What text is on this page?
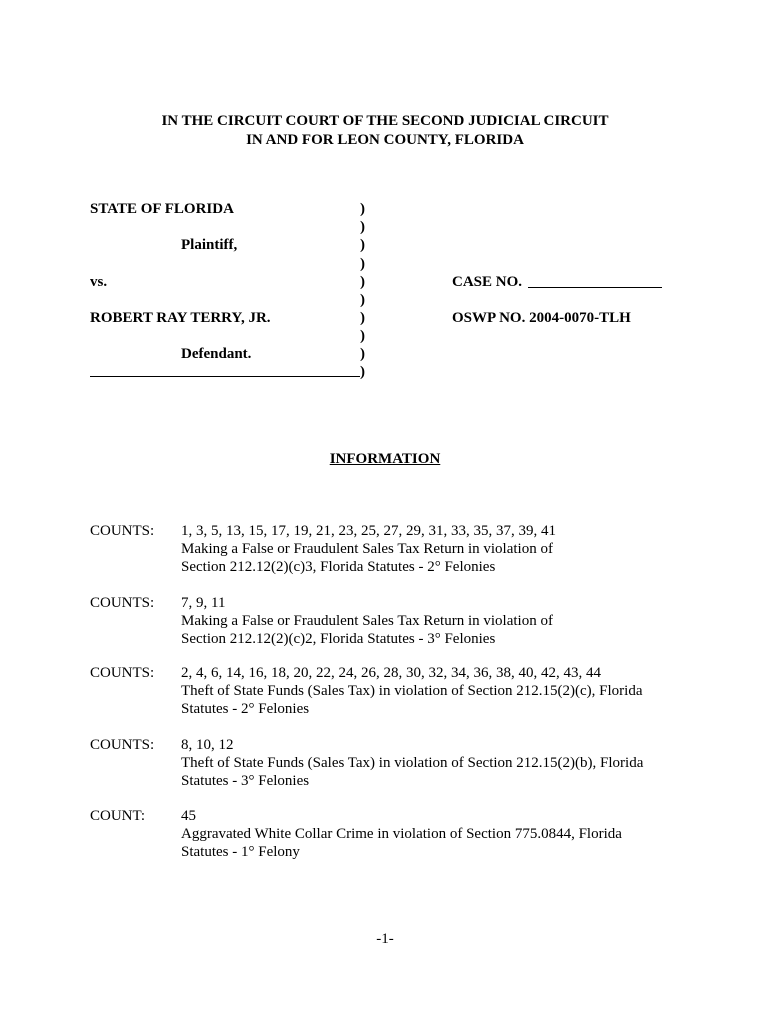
IN THE CIRCUIT COURT OF THE SECOND JUDICIAL CIRCUIT
IN AND FOR LEON COUNTY, FLORIDA
STATE OF FLORIDA
Plaintiff,
vs.
ROBERT RAY TERRY, JR.
Defendant.
)
)
)
)
)
)
)
)
)
)
CASE NO.
OSWP NO. 2004-0070-TLH
INFORMATION
COUNTS: 1, 3, 5, 13, 15, 17, 19, 21, 23, 25, 27, 29, 31, 33, 35, 37, 39, 41
Making a False or Fraudulent Sales Tax Return in violation of
Section 212.12(2)(c)3, Florida Statutes - 2° Felonies
COUNTS: 7, 9, 11
Making a False or Fraudulent Sales Tax Return in violation of
Section 212.12(2)(c)2, Florida Statutes - 3° Felonies
COUNTS: 2, 4, 6, 14, 16, 18, 20, 22, 24, 26, 28, 30, 32, 34, 36, 38, 40, 42, 43, 44
Theft of State Funds (Sales Tax) in violation of Section 212.15(2)(c), Florida
Statutes - 2° Felonies
COUNTS: 8, 10, 12
Theft of State Funds (Sales Tax) in violation of Section 212.15(2)(b), Florida
Statutes - 3° Felonies
COUNT: 45
Aggravated White Collar Crime in violation of Section 775.0844, Florida
Statutes - 1° Felony
-1-
